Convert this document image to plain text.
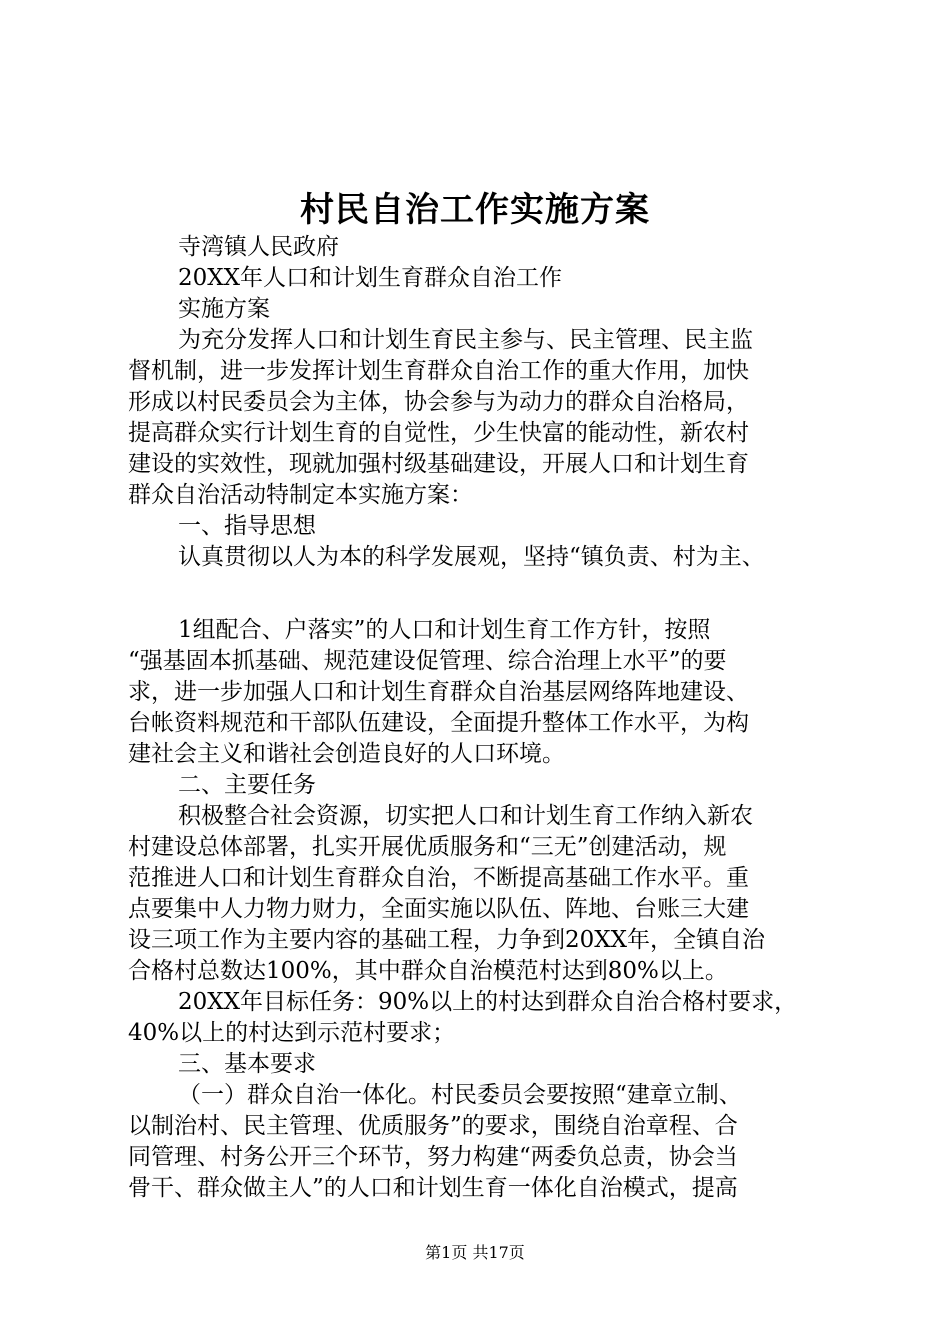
村民自治工作实施方案
寺湾镇人民政府
20XX年人口和计划生育群众自治工作
实施方案
为充分发挥人口和计划生育民主参与、民主管理、民主监
督机制，进一步发挥计划生育群众自治工作的重大作用，加快
形成以村民委员会为主体，协会参与为动力的群众自治格局，
提高群众实行计划生育的自觉性，少生快富的能动性，新农村
建设的实效性，现就加强村级基础建设，开展人口和计划生育
群众自治活动特制定本实施方案：
一、指导思想
认真贯彻以人为本的科学发展观，坚持“镇负责、村为主、
1组配合、户落实”的人口和计划生育工作方针，按照
“强基固本抓基础、规范建设促管理、综合治理上水平”的要
求，进一步加强人口和计划生育群众自治基层网络阵地建设、
台帐资料规范和干部队伍建设，全面提升整体工作水平，为构
建社会主义和谐社会创造良好的人口环境。
二、主要任务
积极整合社会资源，切实把人口和计划生育工作纳入新农
村建设总体部署，扎实开展优质服务和“三无”创建活动，规
范推进人口和计划生育群众自治，不断提高基础工作水平。重
点要集中人力物力财力，全面实施以队伍、阵地、台账三大建
设三项工作为主要内容的基础工程，力争到20XX年，全镇自治
合格村总数达100%，其中群众自治模范村达到80%以上。
20XX年目标任务：90%以上的村达到群众自治合格村要求，
40%以上的村达到示范村要求；
三、基本要求
（一）群众自治一体化。村民委员会要按照“建章立制、
以制治村、民主管理、优质服务”的要求，围绕自治章程、合
同管理、村务公开三个环节，努力构建“两委负总责，协会当
骨干、群众做主人”的人口和计划生育一体化自治模式，提高
第1页 共17页
